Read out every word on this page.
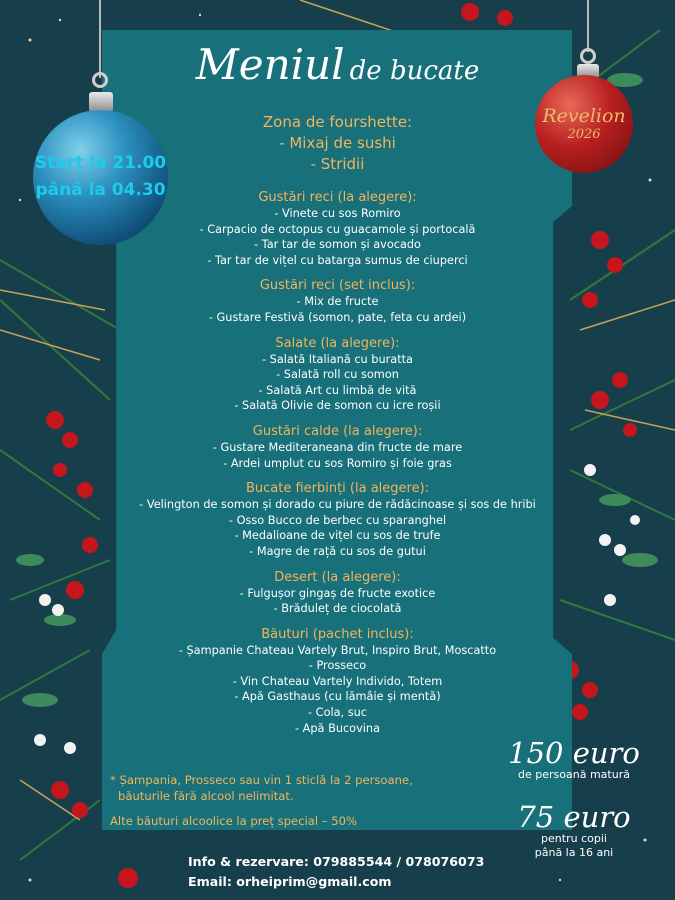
Meniul de bucate
Start la 21.00
până la 04.30
Revelion
2026
Zona de fourshette:
- Mixaj de sushi
- Stridii
Gustări reci (la alegere):
- Vinete cu sos Romiro
- Carpacio de octopus cu guacamole și portocală
- Tar tar de somon și avocado
- Tar tar de vițel cu batarga sumus de ciuperci
Gustări reci (set inclus):
- Mix de fructe
- Gustare Festivă (somon, pate, feta cu ardei)
Salate (la alegere):
- Salată Italiană cu buratta
- Salată roll cu somon
- Salată Art cu limbă de vită
- Salată Olivie de somon cu icre roșii
Gustări calde (la alegere):
- Gustare Mediteraneana din fructe de mare
- Ardei umplut cu sos Romiro și foie gras
Bucate fierbinți (la alegere):
- Velington de somon și dorado cu piure de rădăcinoase și sos de hribi
- Osso Bucco de berbec cu sparanghel
- Medalioane de vițel cu sos de trufe
- Magre de rață cu sos de gutui
Desert (la alegere):
- Fulgușor gingaș de fructe exotice
- Brăduleț de ciocolată
Băuturi (pachet inclus):
- Șampanie Chateau Vartely Brut, Inspiro Brut, Moscatto
- Prosseco
- Vin Chateau Vartely Individo, Totem
- Apă Gasthaus (cu lămâie și mentă)
- Cola, suc
- Apă Bucovina
* Șampania, Prosseco sau vin 1 sticlă la 2 persoane,
băuturile fără alcool nelimitat.
Alte băuturi alcoolice la preț special – 50%
150 euro
de persoană matură
75 euro
pentru copii
până la 16 ani
Info & rezervare: 079885544 / 078076073
Email: orheiprim@gmail.com
